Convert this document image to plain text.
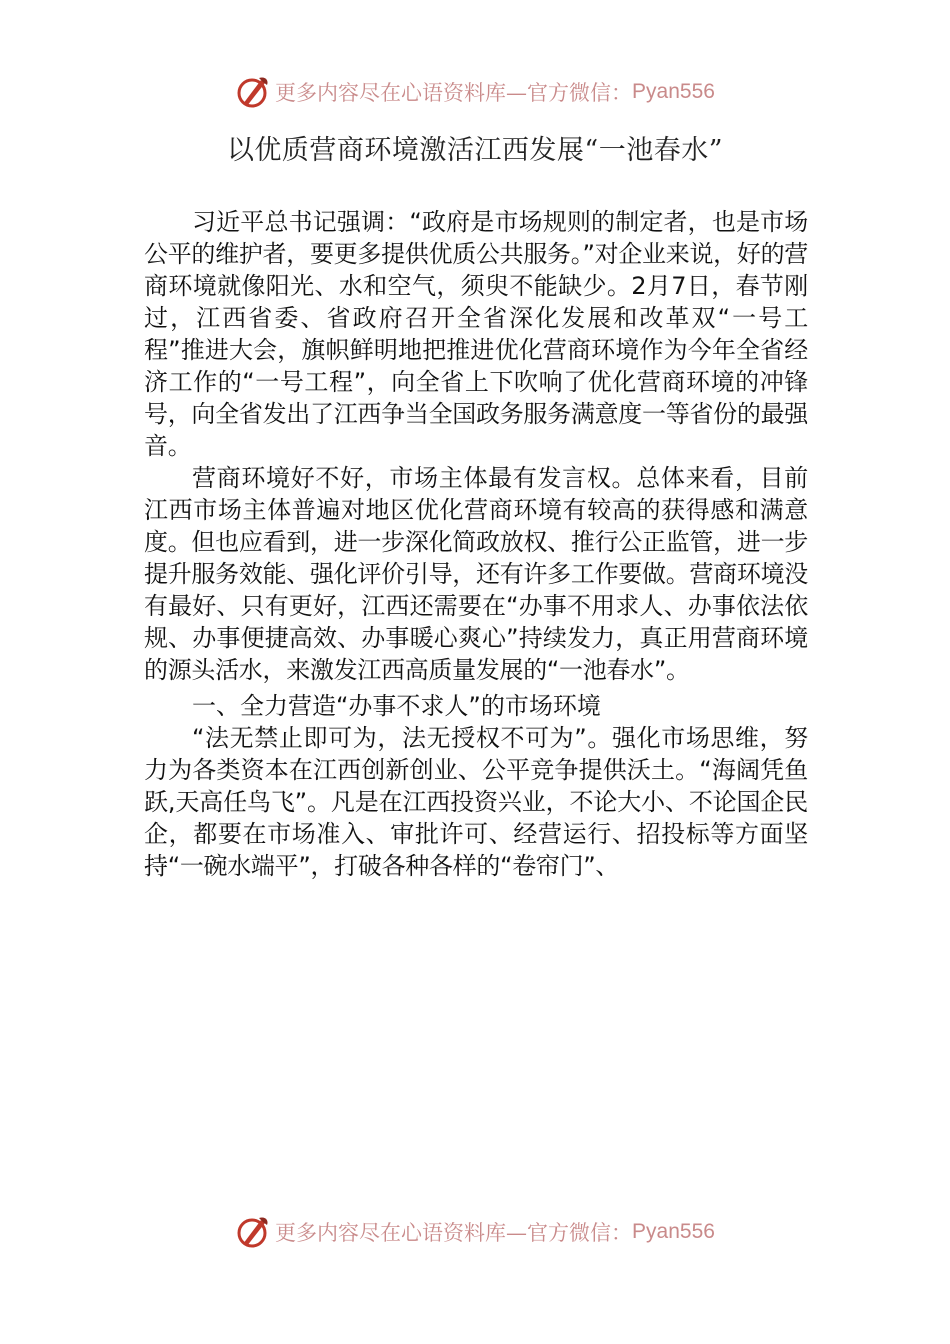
更多内容尽在心语资料库—官方微信： Pyan556
以优质营商环境激活江西发展“一池春水”

习近平总书记强调：“政府是市场规则的制定者，也是市场公平的维护者，要更多提供优质公共服务。”对企业来说，好的营商环境就像阳光、水和空气，须臾不能缺少。2月7日，春节刚过，江西省委、省政府召开全省深化发展和改革双“一号工程”推进大会，旗帜鲜明地把推进优化营商环境作为今年全省经济工作的“一号工程”，向全省上下吹响了优化营商环境的冲锋号，向全省发出了江西争当全国政务服务满意度一等省份的最强音。

营商环境好不好，市场主体最有发言权。总体来看，目前江西市场主体普遍对地区优化营商环境有较高的获得感和满意度。但也应看到，进一步深化简政放权、推行公正监管，进一步提升服务效能、强化评价引导，还有许多工作要做。营商环境没有最好、只有更好，江西还需要在“办事不用求人、办事依法依规、办事便捷高效、办事暖心爽心”持续发力，真正用营商环境的源头活水，来激发江西高质量发展的“一池春水”。

一、全力营造“办事不求人”的市场环境

“法无禁止即可为，法无授权不可为”。强化市场思维，努力为各类资本在江西创新创业、公平竞争提供沃土。“海阔凭鱼跃,天高任鸟飞”。凡是在江西投资兴业，不论大小、不论国企民企，都要在市场准入、审批许可、经营运行、招投标等方面坚持“一碗水端平”，打破各种各样的“卷帘门”、

更多内容尽在心语资料库—官方微信： Pyan556
